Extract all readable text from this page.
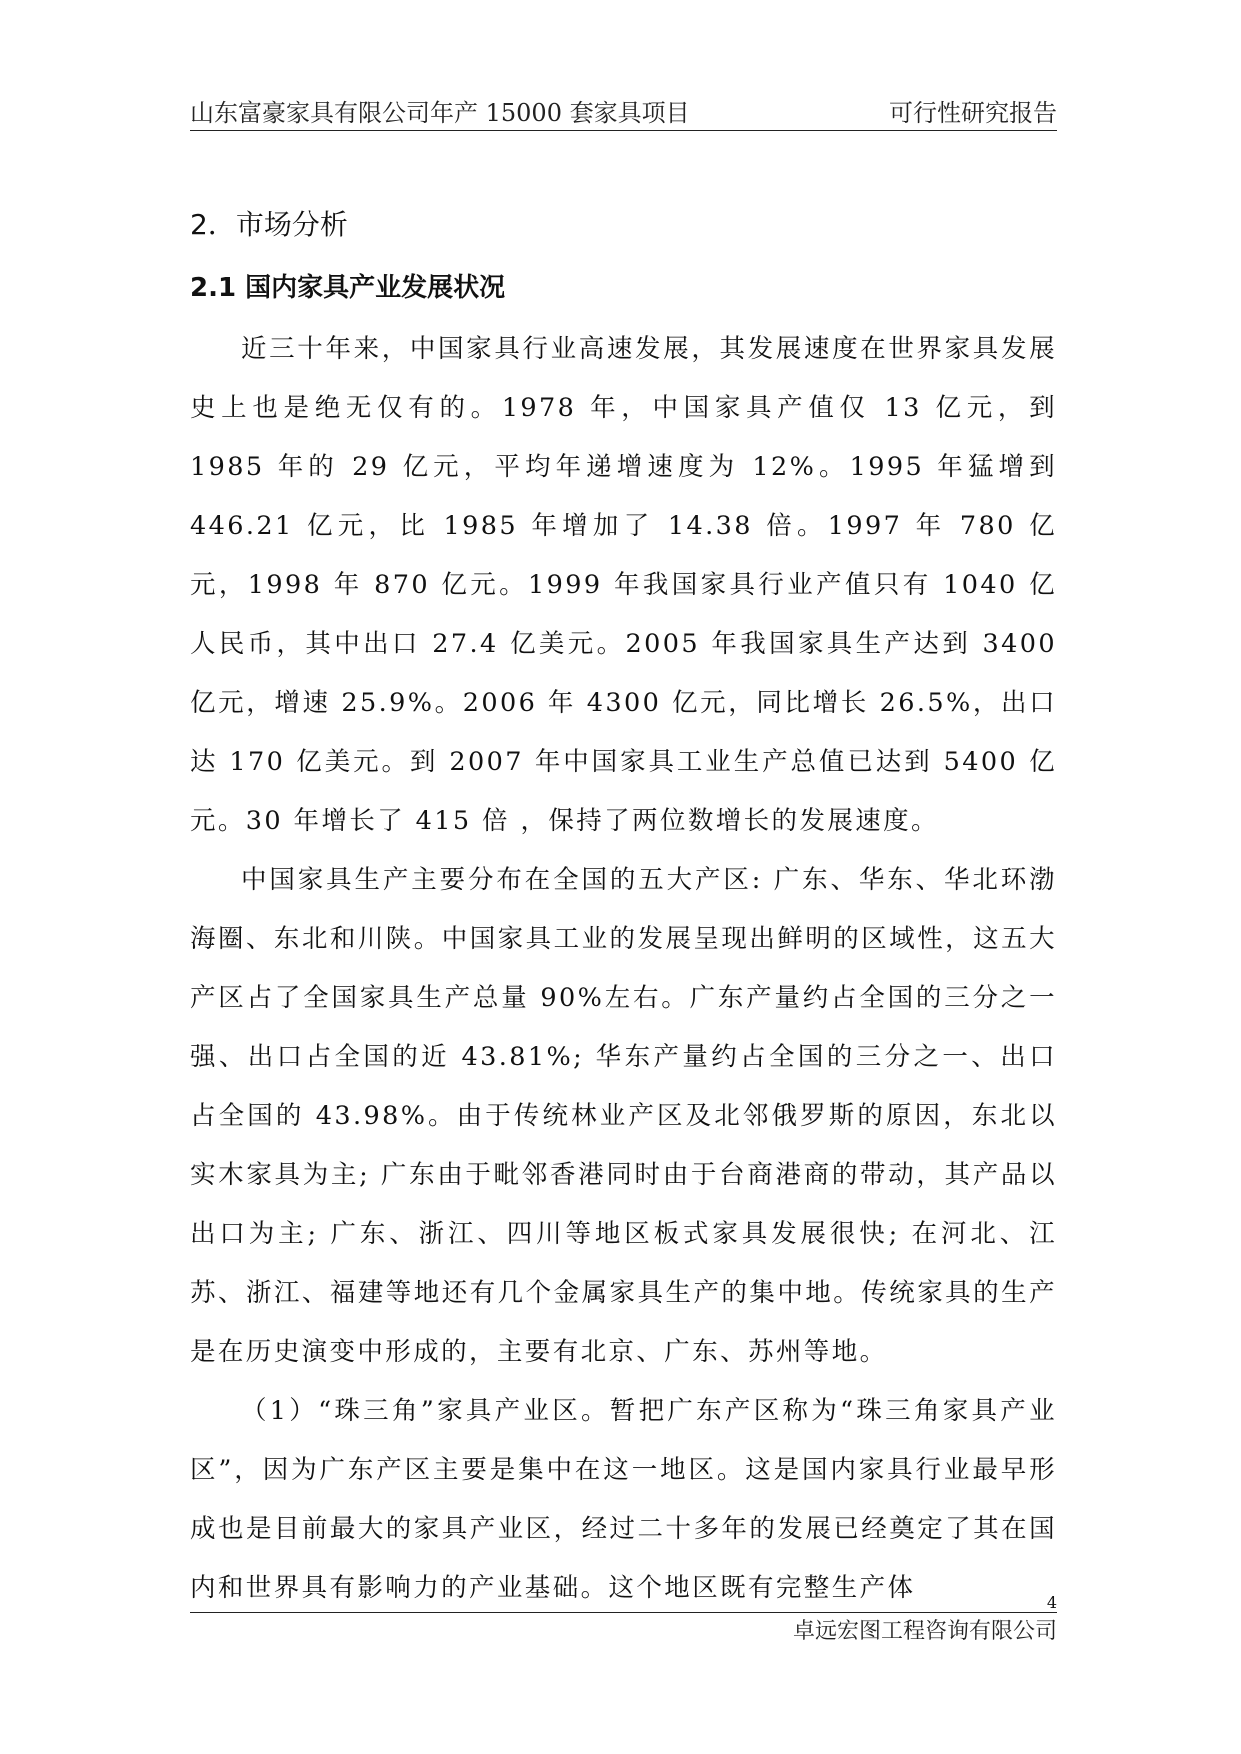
山东富豪家具有限公司年产 15000 套家具项目	可行性研究报告
2．市场分析
2.1 国内家具产业发展状况

近三十年来，中国家具行业高速发展，其发展速度在世界家具发展史上也是绝无仅有的。1978 年，中国家具产值仅 13 亿元，到 1985 年的 29 亿元，平均年递增速度为 12%。1995 年猛增到 446.21 亿元，比 1985 年增加了 14.38 倍。1997 年 780 亿元，1998 年 870 亿元。1999 年我国家具行业产值只有 1040 亿人民币，其中出口 27.4 亿美元。2005 年我国家具生产达到 3400 亿元，增速 25.9%。2006 年 4300 亿元，同比增长 26.5%，出口达 170 亿美元。到 2007 年中国家具工业生产总值已达到 5400 亿元。30 年增长了 415 倍 ，保持了两位数增长的发展速度。

中国家具生产主要分布在全国的五大产区: 广东、华东、华北环渤海圈、东北和川陕。中国家具工业的发展呈现出鲜明的区域性，这五大产区占了全国家具生产总量 90%左右。广东产量约占全国的三分之一强、出口占全国的近 43.81%; 华东产量约占全国的三分之一、出口占全国的 43.98%。由于传统林业产区及北邻俄罗斯的原因，东北以实木家具为主; 广东由于毗邻香港同时由于台商港商的带动，其产品以出口为主; 广东、浙江、四川等地区板式家具发展很快; 在河北、江苏、浙江、福建等地还有几个金属家具生产的集中地。传统家具的生产是在历史演变中形成的，主要有北京、广东、苏州等地。

（1）“珠三角”家具产业区。暂把广东产区称为“珠三角家具产业区”，因为广东产区主要是集中在这一地区。这是国内家具行业最早形成也是目前最大的家具产业区，经过二十多年的发展已经奠定了其在国内和世界具有影响力的产业基础。这个地区既有完整生产体	4
卓远宏图工程咨询有限公司
